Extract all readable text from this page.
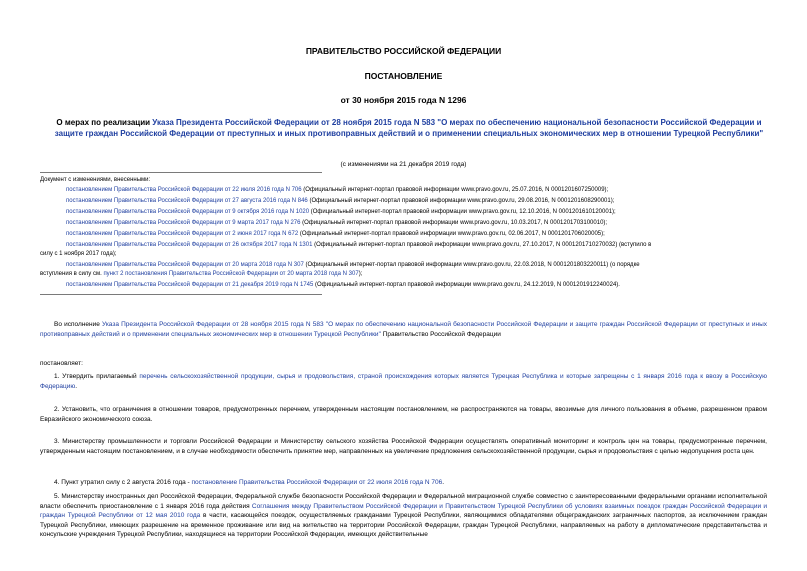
ПРАВИТЕЛЬСТВО РОССИЙСКОЙ ФЕДЕРАЦИИ
ПОСТАНОВЛЕНИЕ
от 30 ноября 2015 года N 1296
О мерах по реализации Указа Президента Российской Федерации от 28 ноября 2015 года N 583 "О мерах по обеспечению национальной безопасности Российской Федерации и защите граждан Российской Федерации от преступных и иных противоправных действий и о применении специальных экономических мер в отношении Турецкой Республики"
(с изменениями на 21 декабря 2019 года)
Документ с изменениями, внесенными:
постановлением Правительства Российской Федерации от 22 июля 2016 года N 706 (Официальный интернет-портал правовой информации www.pravo.gov.ru, 25.07.2016, N 0001201607250009);
постановлением Правительства Российской Федерации от 27 августа 2016 года N 846 (Официальный интернет-портал правовой информации www.pravo.gov.ru, 29.08.2016, N 0001201608290001);
постановлением Правительства Российской Федерации от 9 октября 2016 года N 1020 (Официальный интернет-портал правовой информации www.pravo.gov.ru, 12.10.2016, N 0001201610120001);
постановлением Правительства Российской Федерации от 9 марта 2017 года N 276 (Официальный интернет-портал правовой информации www.pravo.gov.ru, 10.03.2017, N 0001201703100010);
постановлением Правительства Российской Федерации от 2 июня 2017 года N 672 (Официальный интернет-портал правовой информации www.pravo.gov.ru, 02.06.2017, N 0001201706020005);
постановлением Правительства Российской Федерации от 26 октября 2017 года N 1301 (Официальный интернет-портал правовой информации www.pravo.gov.ru, 27.10.2017, N 0001201710270032) (вступило в
силу с 1 ноября 2017 года);
постановлением Правительства Российской Федерации от 20 марта 2018 года N 307 (Официальный интернет-портал правовой информации www.pravo.gov.ru, 22.03.2018, N 0001201803220011) (о порядке
вступления в силу см. пункт 2 постановления Правительства Российской Федерации от 20 марта 2018 года N 307);
постановлением Правительства Российской Федерации от 21 декабря 2019 года N 1745 (Официальный интернет-портал правовой информации www.pravo.gov.ru, 24.12.2019, N 0001201912240024).
Во исполнение Указа Президента Российской Федерации от 28 ноября 2015 года N 583 "О мерах по обеспечению национальной безопасности Российской Федерации и защите граждан Российской Федерации от преступных и иных противоправных действий и о применении специальных экономических мер в отношении Турецкой Республики" Правительство Российской Федерации
постановляет:
1. Утвердить прилагаемый перечень сельскохозяйственной продукции, сырья и продовольствия, страной происхождения которых является Турецкая Республика и которые запрещены с 1 января 2016 года к ввозу в Российскую Федерацию.
2. Установить, что ограничения в отношении товаров, предусмотренных перечнем, утвержденным настоящим постановлением, не распространяются на товары, ввозимые для личного пользования в объеме, разрешенном правом Евразийского экономического союза.
3. Министерству промышленности и торговли Российской Федерации и Министерству сельского хозяйства Российской Федерации осуществлять оперативный мониторинг и контроль цен на товары, предусмотренные перечнем, утвержденным настоящим постановлением, и в случае необходимости обеспечить принятие мер, направленных на увеличение предложения сельскохозяйственной продукции, сырья и продовольствия с целью недопущения роста цен.
4. Пункт утратил силу с 2 августа 2016 года - постановление Правительства Российской Федерации от 22 июля 2016 года N 706.
5. Министерству иностранных дел Российской Федерации, Федеральной службе безопасности Российской Федерации и Федеральной миграционной службе совместно с заинтересованными федеральными органами исполнительной власти обеспечить приостановление с 1 января 2016 года действия Соглашения между Правительством Российской Федерации и Правительством Турецкой Республики об условиях взаимных поездок граждан Российской Федерации и граждан Турецкой Республики от 12 мая 2010 года в части, касающейся поездок, осуществляемых гражданами Турецкой Республики, являющимися обладателями общегражданских заграничных паспортов, за исключением граждан Турецкой Республики, имеющих разрешение на временное проживание или вид на жительство на территории Российской Федерации, граждан Турецкой Республики, направляемых на работу в дипломатические представительства и консульские учреждения Турецкой Республики, находящиеся на территории Российской Федерации, имеющих действительные
